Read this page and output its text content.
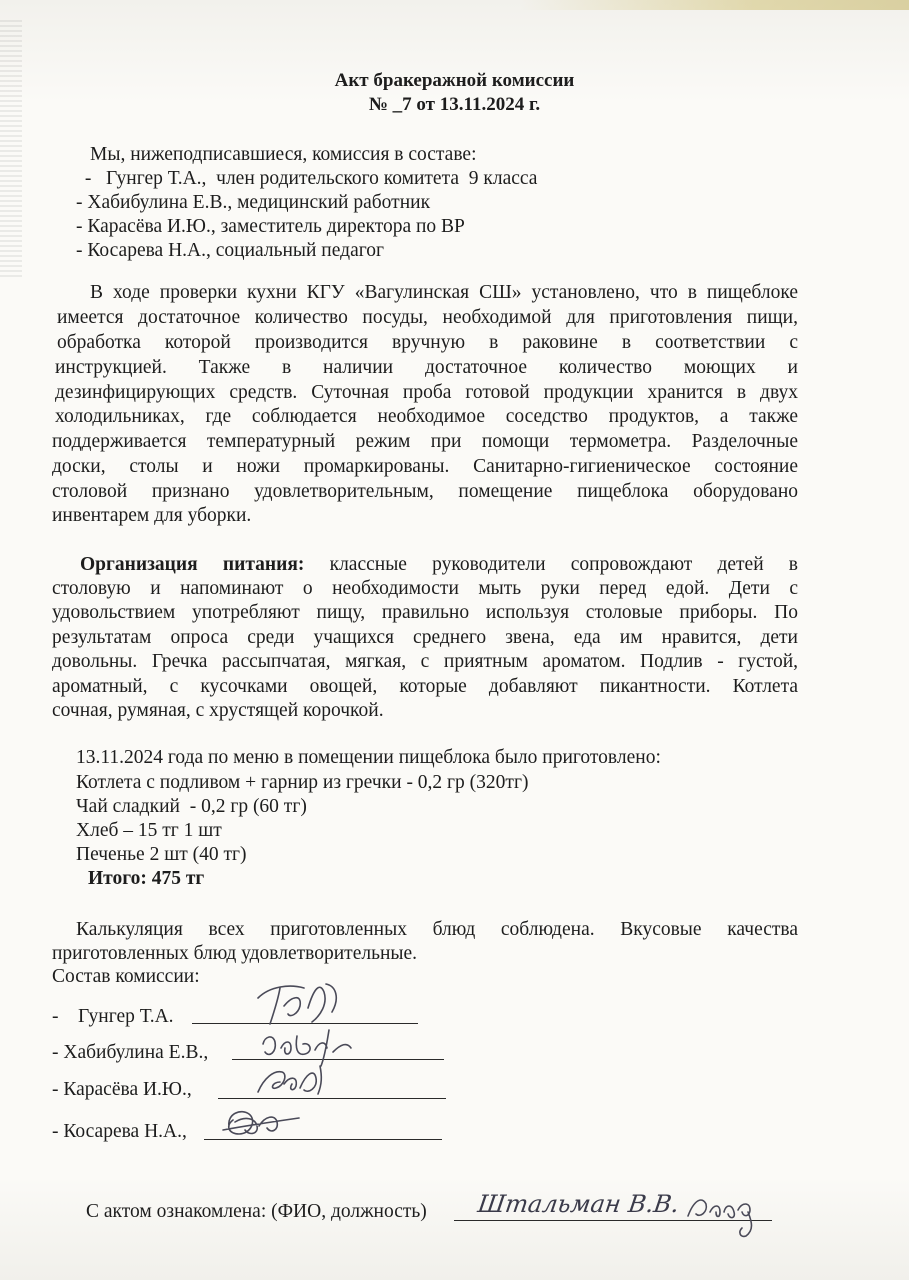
Акт бракеражной комиссии
№ _7 от 13.11.2024 г.
Мы, нижеподписавшиеся, комиссия в составе:
-   Гунгер Т.А.,  член родительского комитета  9 класса
- Хабибулина Е.В., медицинский работник
- Карасёва И.Ю., заместитель директора по ВР
- Косарева Н.А., социальный педагог
В ходе проверки кухни КГУ «Вагулинская СШ» установлено, что в пищеблоке
имеется достаточное количество посуды, необходимой для приготовления пищи,
обработка которой производится вручную в раковине в соответствии с
инструкцией. Также в наличии достаточное количество моющих и
дезинфицирующих средств. Суточная проба готовой продукции хранится в двух
холодильниках, где соблюдается необходимое соседство продуктов, а также
поддерживается температурный режим при помощи термометра. Разделочные
доски, столы и ножи промаркированы. Санитарно-гигиеническое состояние
столовой признано удовлетворительным, помещение пищеблока оборудовано
инвентарем для уборки.
Организация питания: классные руководители сопровождают детей в
столовую и напоминают о необходимости мыть руки перед едой. Дети с
удовольствием употребляют пищу, правильно используя столовые приборы. По
результатам опроса среди учащихся среднего звена, еда им нравится, дети
довольны. Гречка рассыпчатая, мягкая, с приятным ароматом. Подлив - густой,
ароматный, с кусочками овощей, которые добавляют пикантности. Котлета
сочная, румяная, с хрустящей корочкой.
13.11.2024 года по меню в помещении пищеблока было приготовлено:
Котлета с подливом + гарнир из гречки - 0,2 гр (320тг)
Чай сладкий  - 0,2 гр (60 тг)
Хлеб – 15 тг 1 шт
Печенье 2 шт (40 тг)
Итого: 475 тг
Калькуляция всех приготовленных блюд соблюдена. Вкусовые качества
приготовленных блюд удовлетворительные.
Состав комиссии:
-    Гунгер Т.А.
- Хабибулина Е.В.,
- Карасёва И.Ю.,
- Косарева Н.А.,
С актом ознакомлена: (ФИО, должность) Штальман В.В.
